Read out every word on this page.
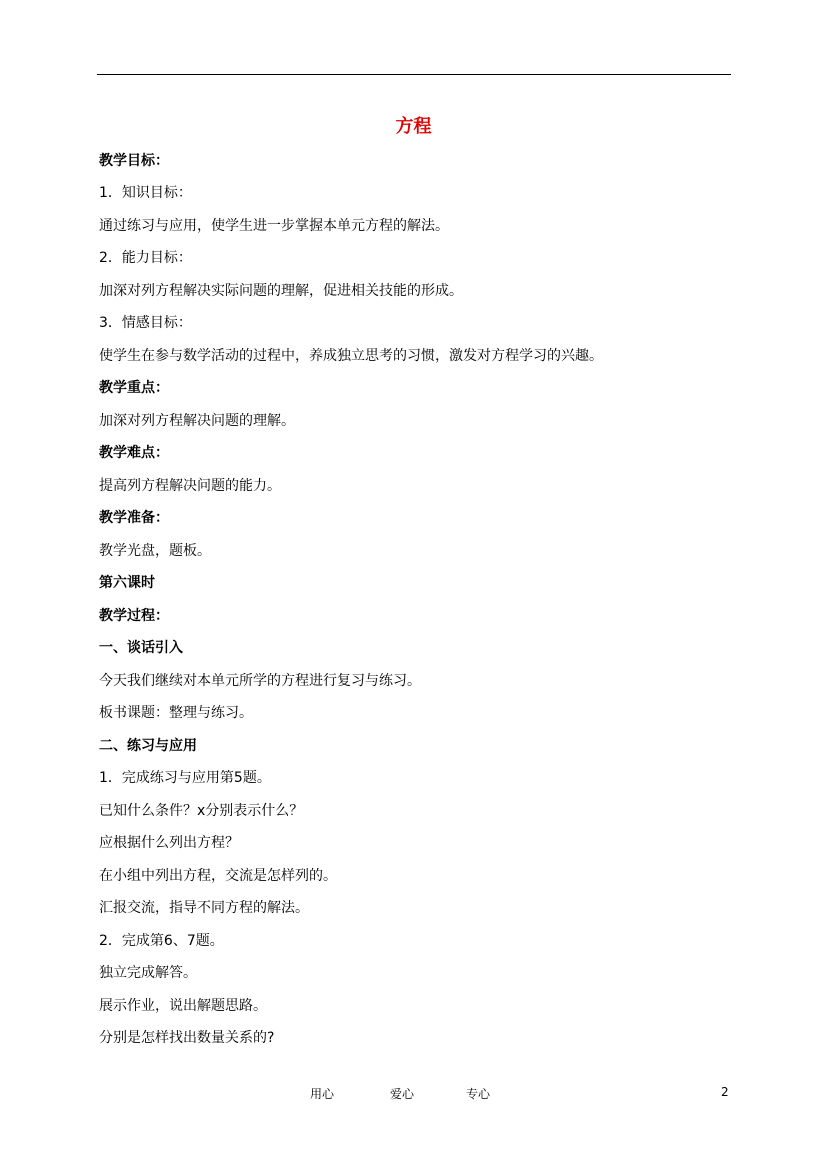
方程
教学目标：
1．知识目标：
通过练习与应用，使学生进一步掌握本单元方程的解法。
2．能力目标：
加深对列方程解决实际问题的理解，促进相关技能的形成。
3．情感目标：
使学生在参与数学活动的过程中，养成独立思考的习惯，激发对方程学习的兴趣。
教学重点：
加深对列方程解决问题的理解。
教学难点：
提高列方程解决问题的能力。
教学准备：
教学光盘，题板。
第六课时
教学过程：
一、谈话引入
今天我们继续对本单元所学的方程进行复习与练习。
板书课题：整理与练习。
二、练习与应用
1．完成练习与应用第5题。
已知什么条件？x分别表示什么？
应根据什么列出方程？
在小组中列出方程，交流是怎样列的。
汇报交流，指导不同方程的解法。
2．完成第6、7题。
独立完成解答。
展示作业，说出解题思路。
分别是怎样找出数量关系的?
用心	爱心	专心	2
